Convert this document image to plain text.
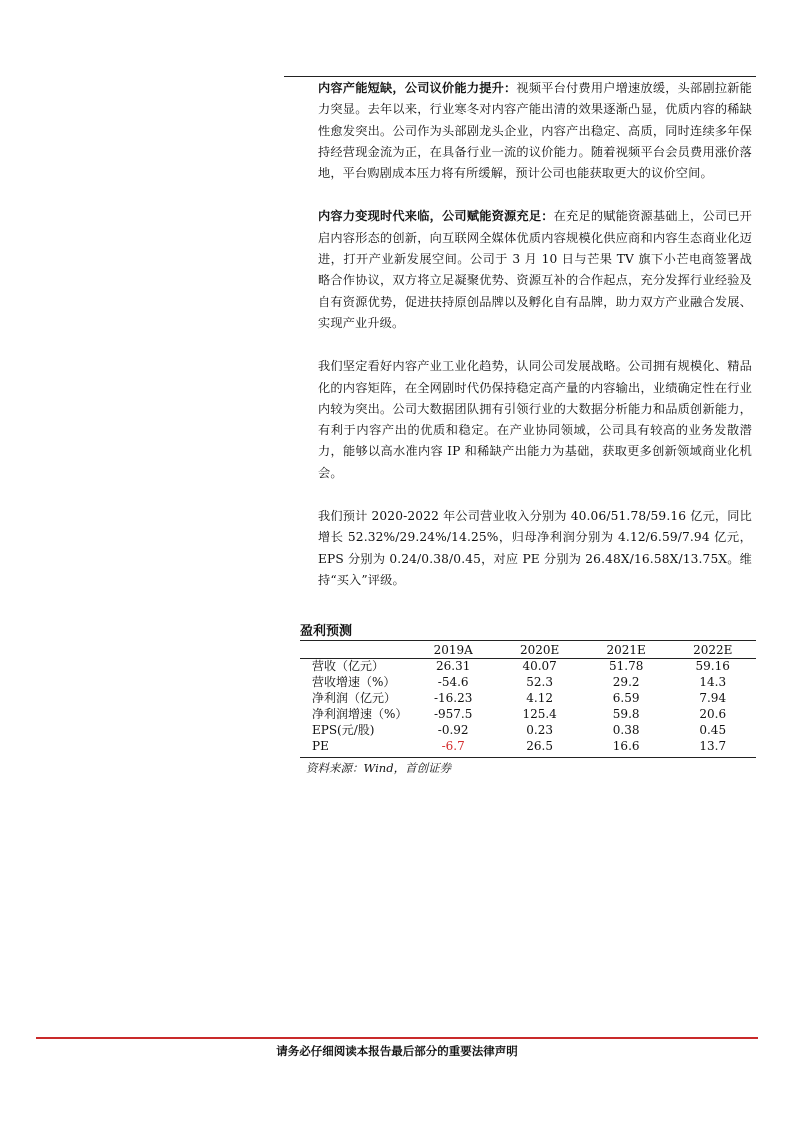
内容产能短缺，公司议价能力提升：视频平台付费用户增速放缓，头部剧拉新能力突显。去年以来，行业寒冬对内容产能出清的效果逐渐凸显，优质内容的稀缺性愈发突出。公司作为头部剧龙头企业，内容产出稳定、高质，同时连续多年保持经营现金流为正，在具备行业一流的议价能力。随着视频平台会员费用涨价落地，平台购剧成本压力将有所缓解，预计公司也能获取更大的议价空间。

内容力变现时代来临，公司赋能资源充足：在充足的赋能资源基础上，公司已开启内容形态的创新，向互联网全媒体优质内容规模化供应商和内容生态商业化迈进，打开产业新发展空间。公司于 3 月 10 日与芒果 TV 旗下小芒电商签署战略合作协议，双方将立足凝聚优势、资源互补的合作起点，充分发挥行业经验及自有资源优势，促进扶持原创品牌以及孵化自有品牌，助力双方产业融合发展、实现产业升级。

我们坚定看好内容产业工业化趋势，认同公司发展战略。公司拥有规模化、精品化的内容矩阵，在全网剧时代仍保持稳定高产量的内容输出，业绩确定性在行业内较为突出。公司大数据团队拥有引领行业的大数据分析能力和品质创新能力，有利于内容产出的优质和稳定。在产业协同领域，公司具有较高的业务发散潜力，能够以高水准内容 IP 和稀缺产出能力为基础，获取更多创新领域商业化机会。

我们预计 2020-2022 年公司营业收入分别为 40.06/51.78/59.16 亿元，同比增长 52.32%/29.24%/14.25%，归母净利润分别为 4.12/6.59/7.94 亿元，EPS 分别为 0.24/0.38/0.45，对应 PE 分别为 26.48X/16.58X/13.75X。维持“买入”评级。

盈利预测
	2019A	2020E	2021E	2022E
营收（亿元）	26.31	40.07	51.78	59.16
营收增速（%）	-54.6	52.3	29.2	14.3
净利润（亿元）	-16.23	4.12	6.59	7.94
净利润增速（%）	-957.5	125.4	59.8	20.6
EPS(元/股)	-0.92	0.23	0.38	0.45
PE	-6.7	26.5	16.6	13.7
资料来源：Wind，首创证券
请务必仔细阅读本报告最后部分的重要法律声明
